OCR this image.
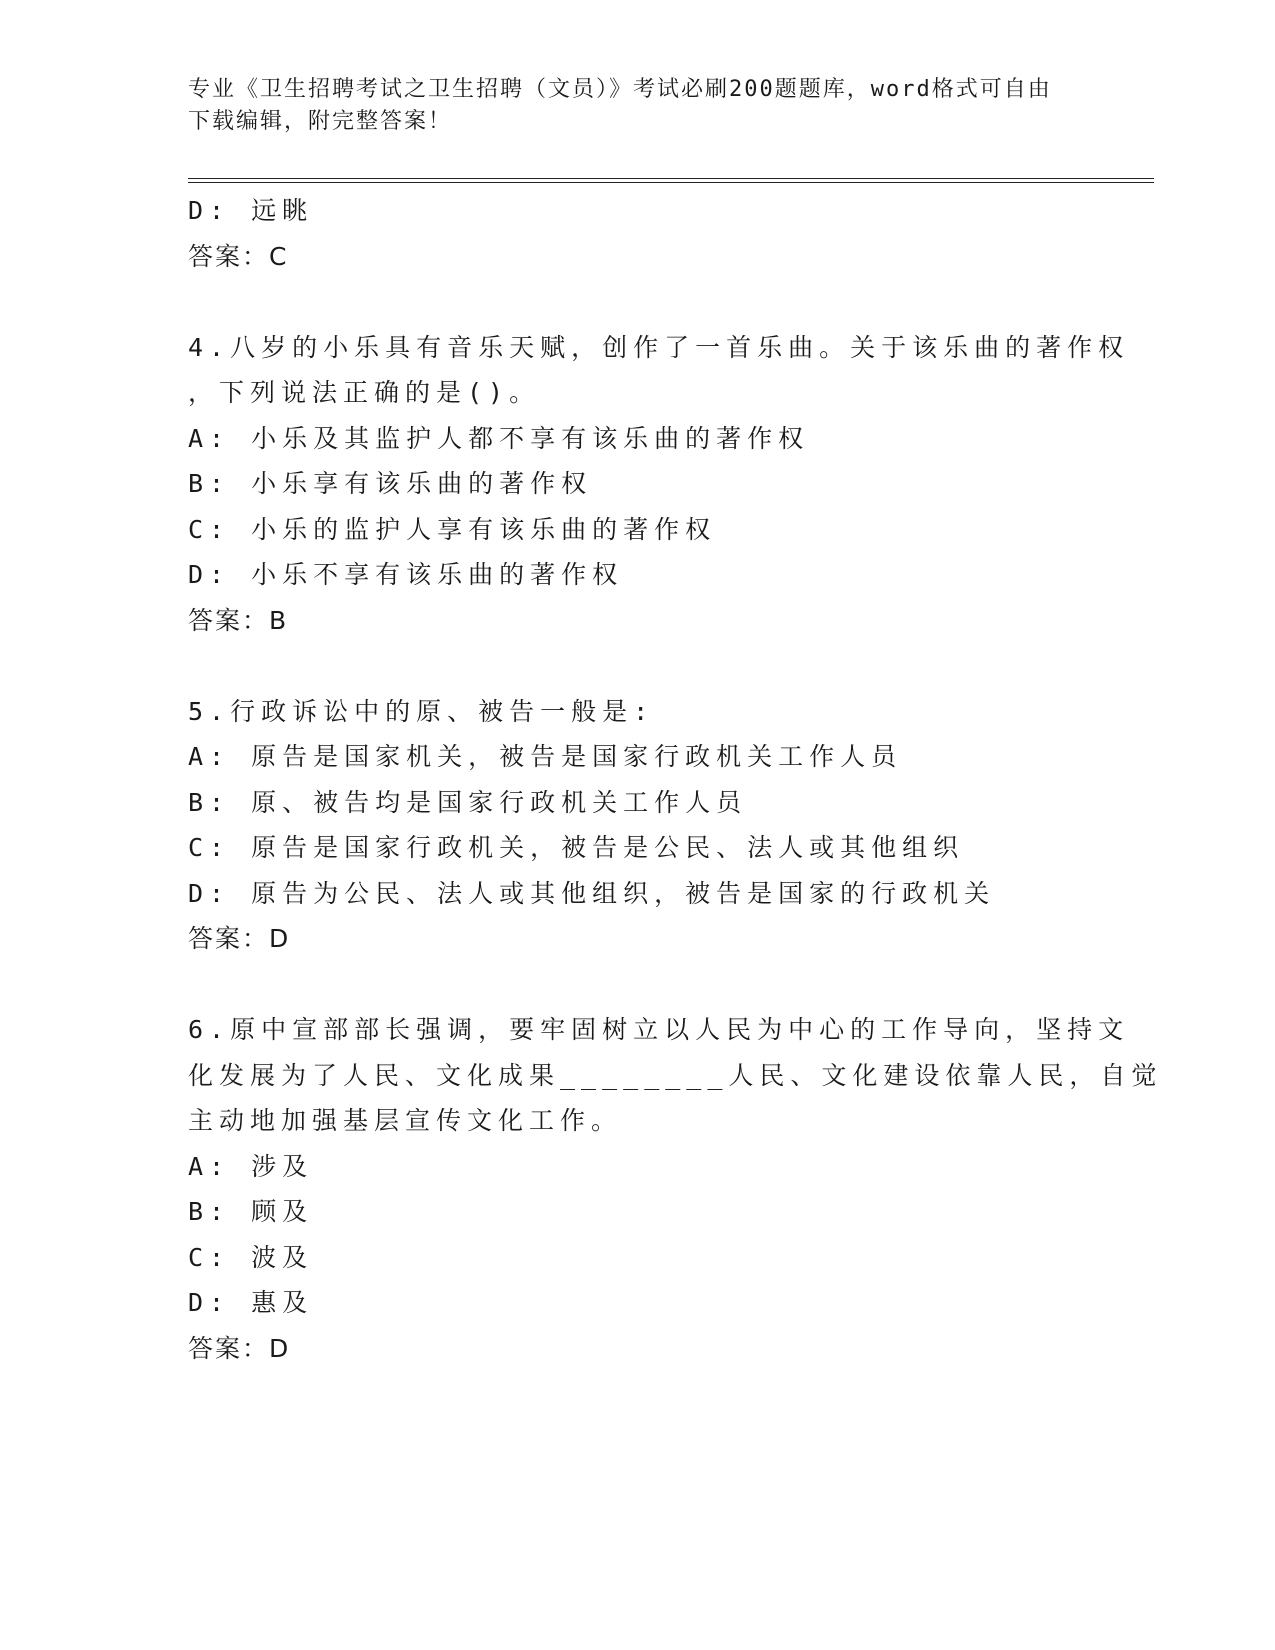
专业《卫生招聘考试之卫生招聘（文员）》考试必刷200题题库，word格式可自由下载编辑，附完整答案！
D: 远眺
答案：C
4.八岁的小乐具有音乐天赋，创作了一首乐曲。关于该乐曲的著作权
，下列说法正确的是()。
A: 小乐及其监护人都不享有该乐曲的著作权
B: 小乐享有该乐曲的著作权
C: 小乐的监护人享有该乐曲的著作权
D: 小乐不享有该乐曲的著作权
答案：B
5.行政诉讼中的原、被告一般是:
A: 原告是国家机关，被告是国家行政机关工作人员
B: 原、被告均是国家行政机关工作人员
C: 原告是国家行政机关，被告是公民、法人或其他组织
D: 原告为公民、法人或其他组织，被告是国家的行政机关
答案：D
6.原中宣部部长强调，要牢固树立以人民为中心的工作导向，坚持文
化发展为了人民、文化成果________人民、文化建设依靠人民，自觉
主动地加强基层宣传文化工作。
A: 涉及
B: 顾及
C: 波及
D: 惠及
答案：D
